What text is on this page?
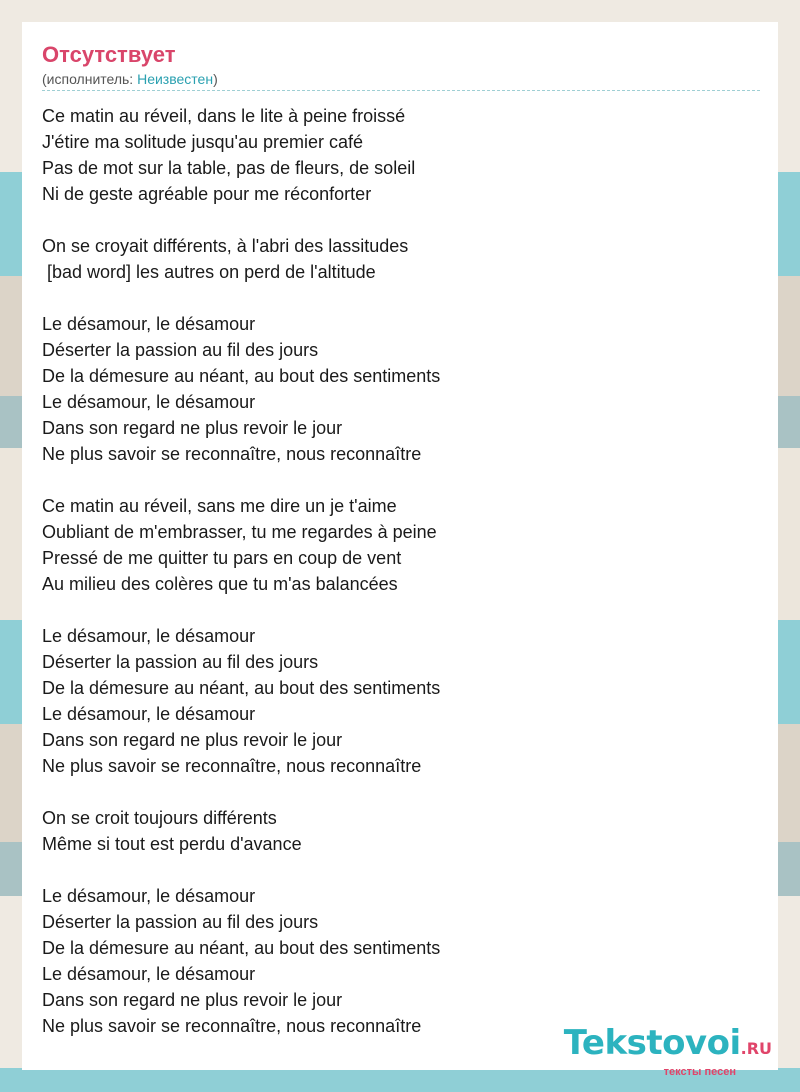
Отсутствует
(исполнитель: Неизвестен)
Ce matin au réveil, dans le lite à peine froissé
J'étire ma solitude jusqu'au premier café
Pas de mot sur la table, pas de fleurs, de soleil
Ni de geste agréable pour me réconforter
On se croyait différents, à l'abri des lassitudes
[bad word] les autres on perd de l'altitude
Le désamour, le désamour
Déserter la passion au fil des jours
De la démesure au néant, au bout des sentiments
Le désamour, le désamour
Dans son regard ne plus revoir le jour
Ne plus savoir se reconnaître, nous reconnaître
Ce matin au réveil, sans me dire un je t'aime
Oubliant de m'embrasser, tu me regardes à peine
Pressé de me quitter tu pars en coup de vent
Au milieu des colères que tu m'as balancées
Le désamour, le désamour
Déserter la passion au fil des jours
De la démesure au néant, au bout des sentiments
Le désamour, le désamour
Dans son regard ne plus revoir le jour
Ne plus savoir se reconnaître, nous reconnaître
On se croit toujours différents
Même si tout est perdu d'avance
Le désamour, le désamour
Déserter la passion au fil des jours
De la démesure au néant, au bout des sentiments
Le désamour, le désamour
Dans son regard ne plus revoir le jour
Ne plus savoir se reconnaître, nous reconnaître	Tekstovoi.RU
тексты песен
